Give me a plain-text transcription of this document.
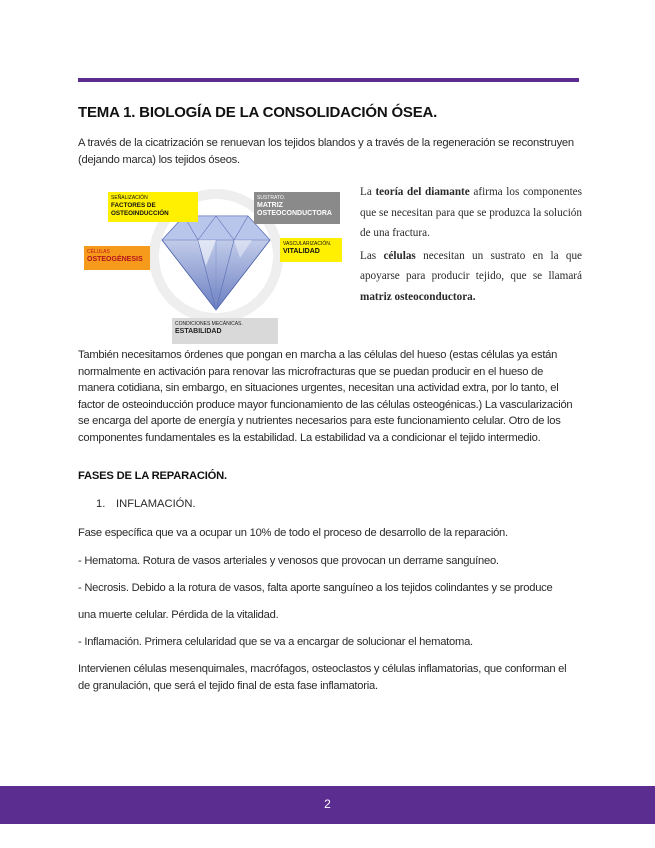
TEMA 1. BIOLOGÍA DE LA CONSOLIDACIÓN ÓSEA.

A través de la cicatrización se renuevan los tejidos blandos y a través de la regeneración se reconstruyen (dejando marca) los tejidos óseos.

SEÑALIZACIÓN
FACTORES DE OSTEOINDUCCIÓN
SUSTRATO.
MATRIZ OSTEOCONDUCTORA
CÉLULAS
OSTEOGÉNESIS
VASCULARIZACIÓN.
VITALIDAD
CONDICIONES MECÁNICAS.
ESTABILIDAD

La teoría del diamante afirma los componentes que se necesitan para que se produzca la solución de una fractura.

Las células necesitan un sustrato en la que apoyarse para producir tejido, que se llamará matriz osteoconductora.

También necesitamos órdenes que pongan en marcha a las células del hueso (estas células ya están normalmente en activación para renovar las microfracturas que se puedan producir en el hueso de manera cotidiana, sin embargo, en situaciones urgentes, necesitan una actividad extra, por lo tanto, el factor de osteoinducción produce mayor funcionamiento de las células osteogénicas.) La vascularización se encarga del aporte de energía y nutrientes necesarios para este funcionamiento celular. Otro de los componentes fundamentales es la estabilidad. La estabilidad va a condicionar el tejido intermedio.

FASES DE LA REPARACIÓN.
1. INFLAMACIÓN.

Fase específica que va a ocupar un 10% de todo el proceso de desarrollo de la reparación.

- Hematoma. Rotura de vasos arteriales y venosos que provocan un derrame sanguíneo.

- Necrosis. Debido a la rotura de vasos, falta aporte sanguíneo a los tejidos colindantes y se produce

una muerte celular. Pérdida de la vitalidad.

- Inflamación. Primera celularidad que se va a encargar de solucionar el hematoma.

Intervienen células mesenquimales, macrófagos, osteoclastos y células inflamatorias, que conforman el de granulación, que será el tejido final de esta fase inflamatoria.

2
